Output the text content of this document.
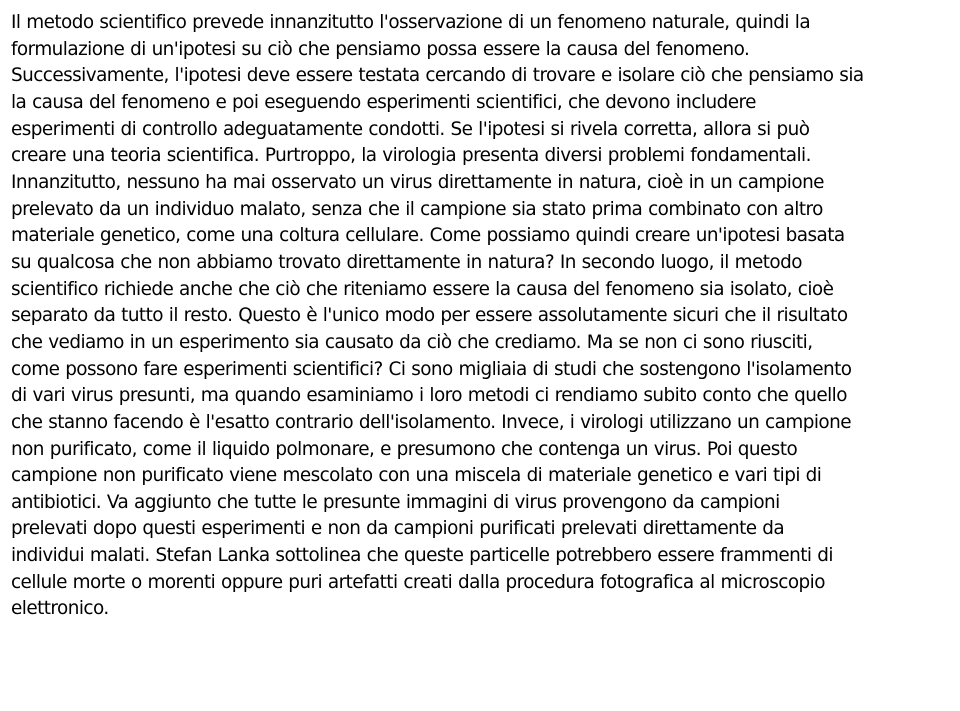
Il metodo scientifico prevede innanzitutto l'osservazione di un fenomeno naturale, quindi la
formulazione di un'ipotesi su ciò che pensiamo possa essere la causa del fenomeno.
Successivamente, l'ipotesi deve essere testata cercando di trovare e isolare ciò che pensiamo sia
la causa del fenomeno e poi eseguendo esperimenti scientifici, che devono includere
esperimenti di controllo adeguatamente condotti. Se l'ipotesi si rivela corretta, allora si può
creare una teoria scientifica. Purtroppo, la virologia presenta diversi problemi fondamentali.
Innanzitutto, nessuno ha mai osservato un virus direttamente in natura, cioè in un campione
prelevato da un individuo malato, senza che il campione sia stato prima combinato con altro
materiale genetico, come una coltura cellulare. Come possiamo quindi creare un'ipotesi basata
su qualcosa che non abbiamo trovato direttamente in natura? In secondo luogo, il metodo
scientifico richiede anche che ciò che riteniamo essere la causa del fenomeno sia isolato, cioè
separato da tutto il resto. Questo è l'unico modo per essere assolutamente sicuri che il risultato
che vediamo in un esperimento sia causato da ciò che crediamo. Ma se non ci sono riusciti,
come possono fare esperimenti scientifici? Ci sono migliaia di studi che sostengono l'isolamento
di vari virus presunti, ma quando esaminiamo i loro metodi ci rendiamo subito conto che quello
che stanno facendo è l'esatto contrario dell'isolamento. Invece, i virologi utilizzano un campione
non purificato, come il liquido polmonare, e presumono che contenga un virus. Poi questo
campione non purificato viene mescolato con una miscela di materiale genetico e vari tipi di
antibiotici. Va aggiunto che tutte le presunte immagini di virus provengono da campioni
prelevati dopo questi esperimenti e non da campioni purificati prelevati direttamente da
individui malati. Stefan Lanka sottolinea che queste particelle potrebbero essere frammenti di
cellule morte o morenti oppure puri artefatti creati dalla procedura fotografica al microscopio
elettronico.
